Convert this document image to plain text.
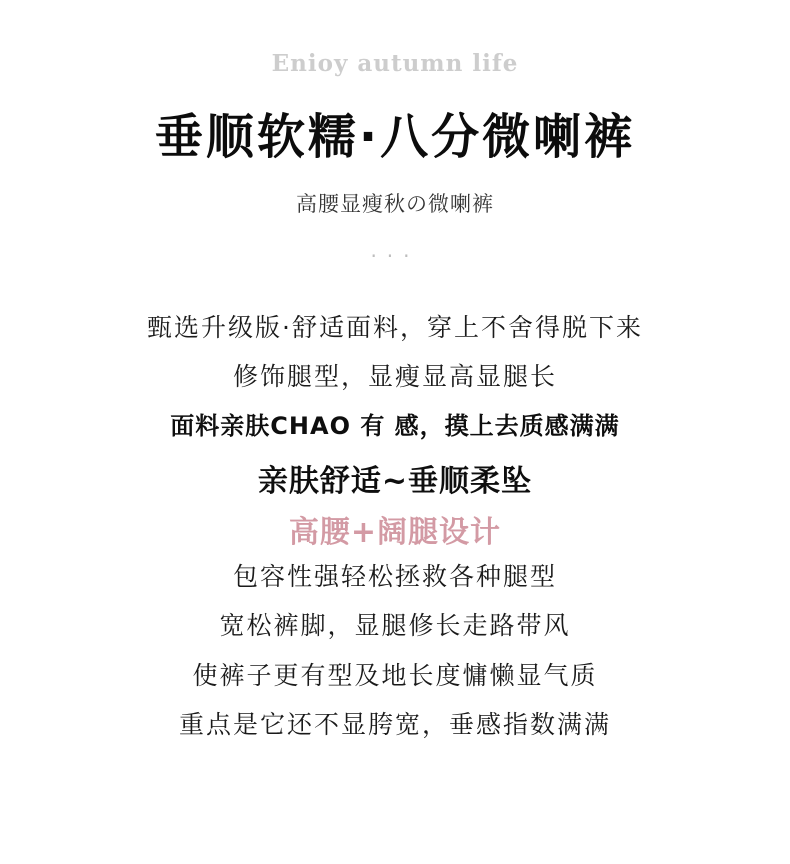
Enioy autumn life
垂顺软糯·八分微喇裤
高腰显瘦秋の微喇裤
···
甄选升级版·舒适面料，穿上不舍得脱下来
修饰腿型，显瘦显高显腿长
面料亲肤CHAO 有 感，摸上去质感满满
亲肤舒适~垂顺柔坠
高腰+阔腿设计
包容性强轻松拯救各种腿型
宽松裤脚，显腿修长走路带风
使裤子更有型及地长度慵懒显气质
重点是它还不显胯宽，垂感指数满满
